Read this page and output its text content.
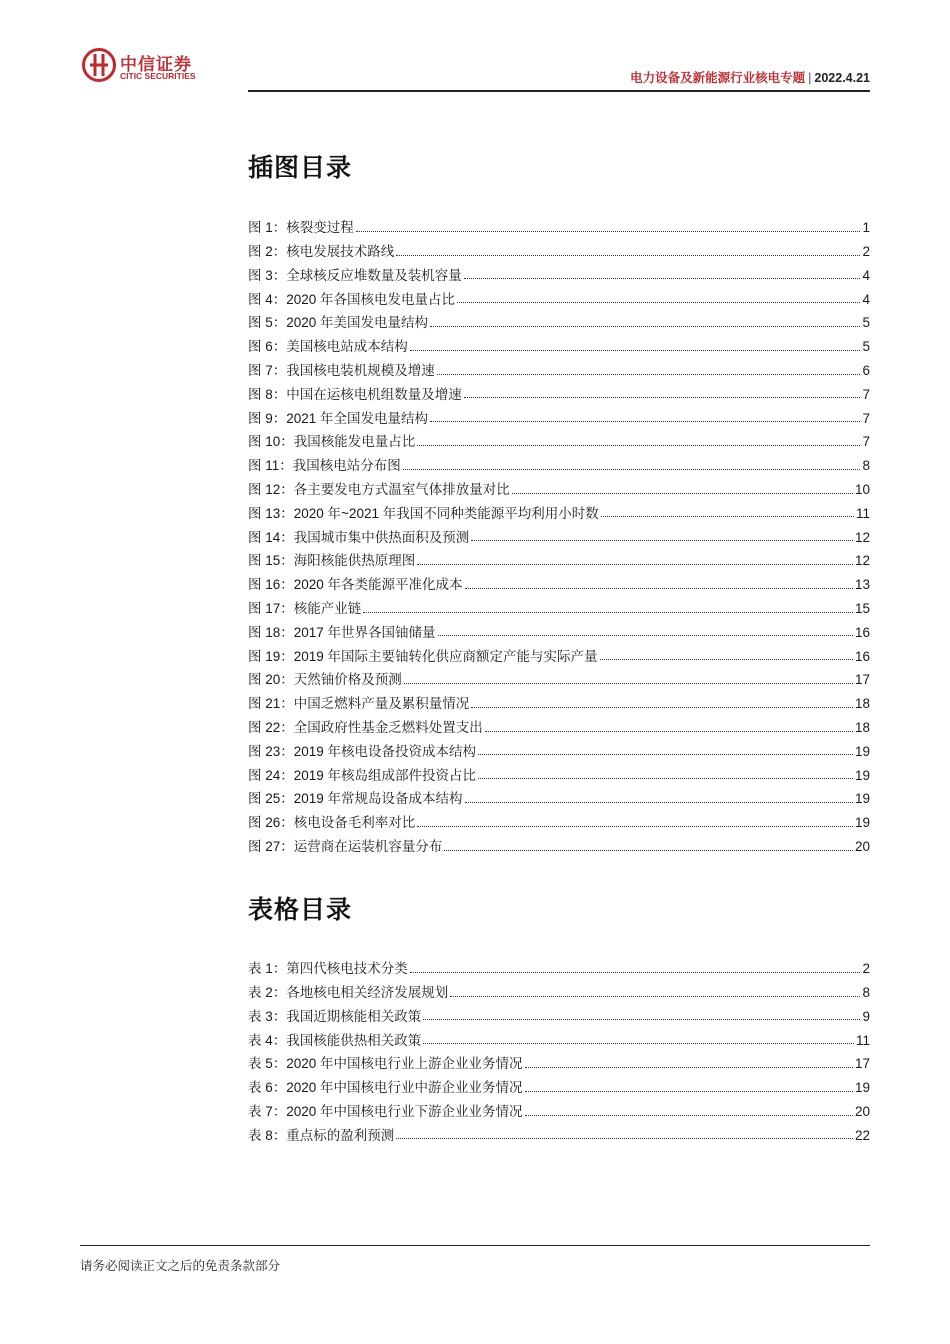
中信证券
CITIC SECURITIES	电力设备及新能源行业核电专题 | 2022.4.21
插图目录
图 1：核裂变过程	1
图 2：核电发展技术路线	2
图 3：全球核反应堆数量及装机容量	4
图 4：2020 年各国核电发电量占比	4
图 5：2020 年美国发电量结构	5
图 6：美国核电站成本结构	5
图 7：我国核电装机规模及增速	6
图 8：中国在运核电机组数量及增速	7
图 9：2021 年全国发电量结构	7
图 10：我国核能发电量占比	7
图 11：我国核电站分布图	8
图 12：各主要发电方式温室气体排放量对比	10
图 13：2020 年~2021 年我国不同种类能源平均利用小时数	11
图 14：我国城市集中供热面积及预测	12
图 15：海阳核能供热原理图	12
图 16：2020 年各类能源平准化成本	13
图 17：核能产业链	15
图 18：2017 年世界各国铀储量	16
图 19：2019 年国际主要铀转化供应商额定产能与实际产量	16
图 20：天然铀价格及预测	17
图 21：中国乏燃料产量及累积量情况	18
图 22：全国政府性基金乏燃料处置支出	18
图 23：2019 年核电设备投资成本结构	19
图 24：2019 年核岛组成部件投资占比	19
图 25：2019 年常规岛设备成本结构	19
图 26：核电设备毛利率对比	19
图 27：运营商在运装机容量分布	20
表格目录
表 1：第四代核电技术分类	2
表 2：各地核电相关经济发展规划	8
表 3：我国近期核能相关政策	9
表 4：我国核能供热相关政策	11
表 5：2020 年中国核电行业上游企业业务情况	17
表 6：2020 年中国核电行业中游企业业务情况	19
表 7：2020 年中国核电行业下游企业业务情况	20
表 8：重点标的盈利预测	22
请务必阅读正文之后的免责条款部分
